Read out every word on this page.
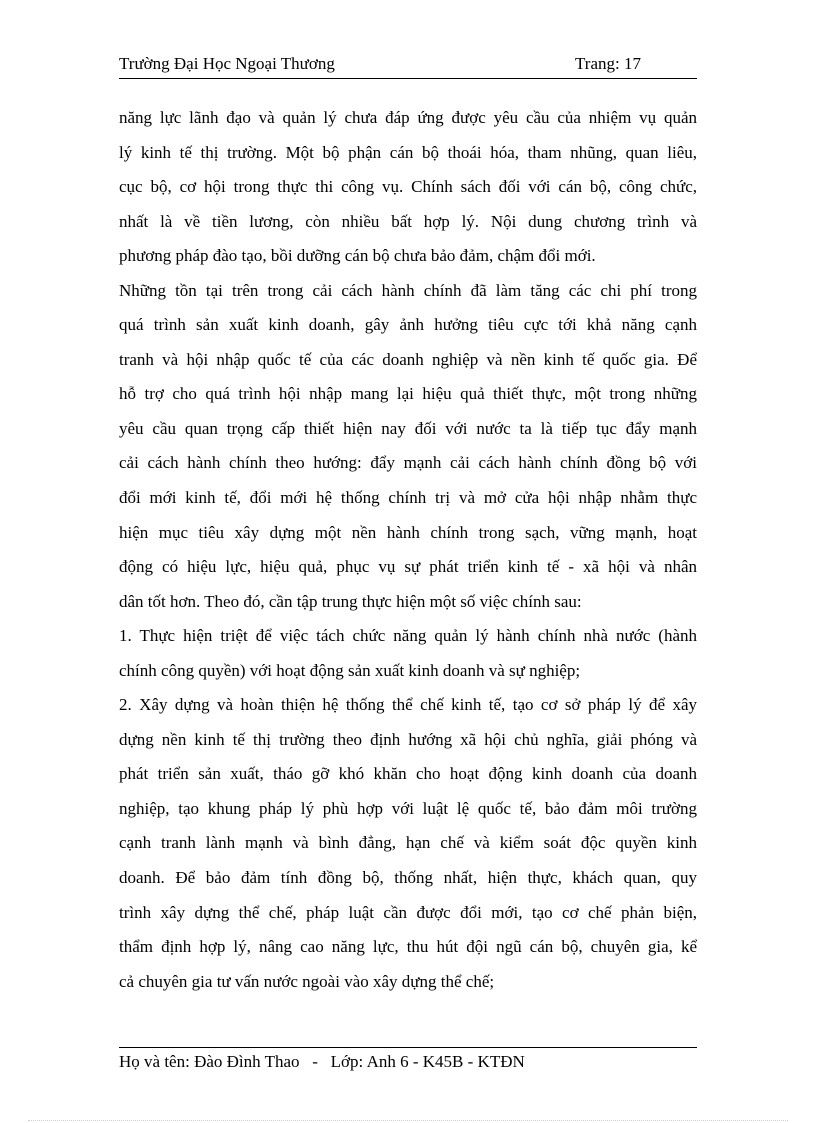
Trường Đại Học Ngoại Thương	Trang: 17
năng lực lãnh đạo và quản lý chưa đáp ứng được yêu cầu của nhiệm vụ quản
lý kinh tế thị trường. Một bộ phận cán bộ thoái hóa, tham nhũng, quan liêu,
cục bộ, cơ hội trong thực thi công vụ. Chính sách đối với cán bộ, công chức,
nhất là về tiền lương, còn nhiều bất hợp lý. Nội dung chương trình và
phương pháp đào tạo, bồi dưỡng cán bộ chưa bảo đảm, chậm đổi mới.
Những tồn tại trên trong cải cách hành chính đã làm tăng các chi phí trong
quá trình sản xuất kinh doanh, gây ảnh hưởng tiêu cực tới khả năng cạnh
tranh và hội nhập quốc tế của các doanh nghiệp và nền kinh tế quốc gia. Để
hỗ trợ cho quá trình hội nhập mang lại hiệu quả thiết thực, một trong những
yêu cầu quan trọng cấp thiết hiện nay đối với nước ta là tiếp tục đẩy mạnh
cải cách hành chính theo hướng: đẩy mạnh cải cách hành chính đồng bộ với
đổi mới kinh tế, đổi mới hệ thống chính trị và mở cửa hội nhập nhằm thực
hiện mục tiêu xây dựng một nền hành chính trong sạch, vững mạnh, hoạt
động có hiệu lực, hiệu quả, phục vụ sự phát triển kinh tế - xã hội và nhân
dân tốt hơn. Theo đó, cần tập trung thực hiện một số việc chính sau:
1. Thực hiện triệt để việc tách chức năng quản lý hành chính nhà nước (hành
chính công quyền) với hoạt động sản xuất kinh doanh và sự nghiệp;
2. Xây dựng và hoàn thiện hệ thống thể chế kinh tế, tạo cơ sở pháp lý để xây
dựng nền kinh tế thị trường theo định hướng xã hội chủ nghĩa, giải phóng và
phát triển sản xuất, tháo gỡ khó khăn cho hoạt động kinh doanh của doanh
nghiệp, tạo khung pháp lý phù hợp với luật lệ quốc tế, bảo đảm môi trường
cạnh tranh lành mạnh và bình đẳng, hạn chế và kiểm soát độc quyền kinh
doanh. Để bảo đảm tính đồng bộ, thống nhất, hiện thực, khách quan, quy
trình xây dựng thể chế, pháp luật cần được đổi mới, tạo cơ chế phản biện,
thẩm định hợp lý, nâng cao năng lực, thu hút đội ngũ cán bộ, chuyên gia, kể
cả chuyên gia tư vấn nước ngoài vào xây dựng thể chế;
Họ và tên: Đào Đình Thao   -   Lớp: Anh 6 - K45B - KTĐN
